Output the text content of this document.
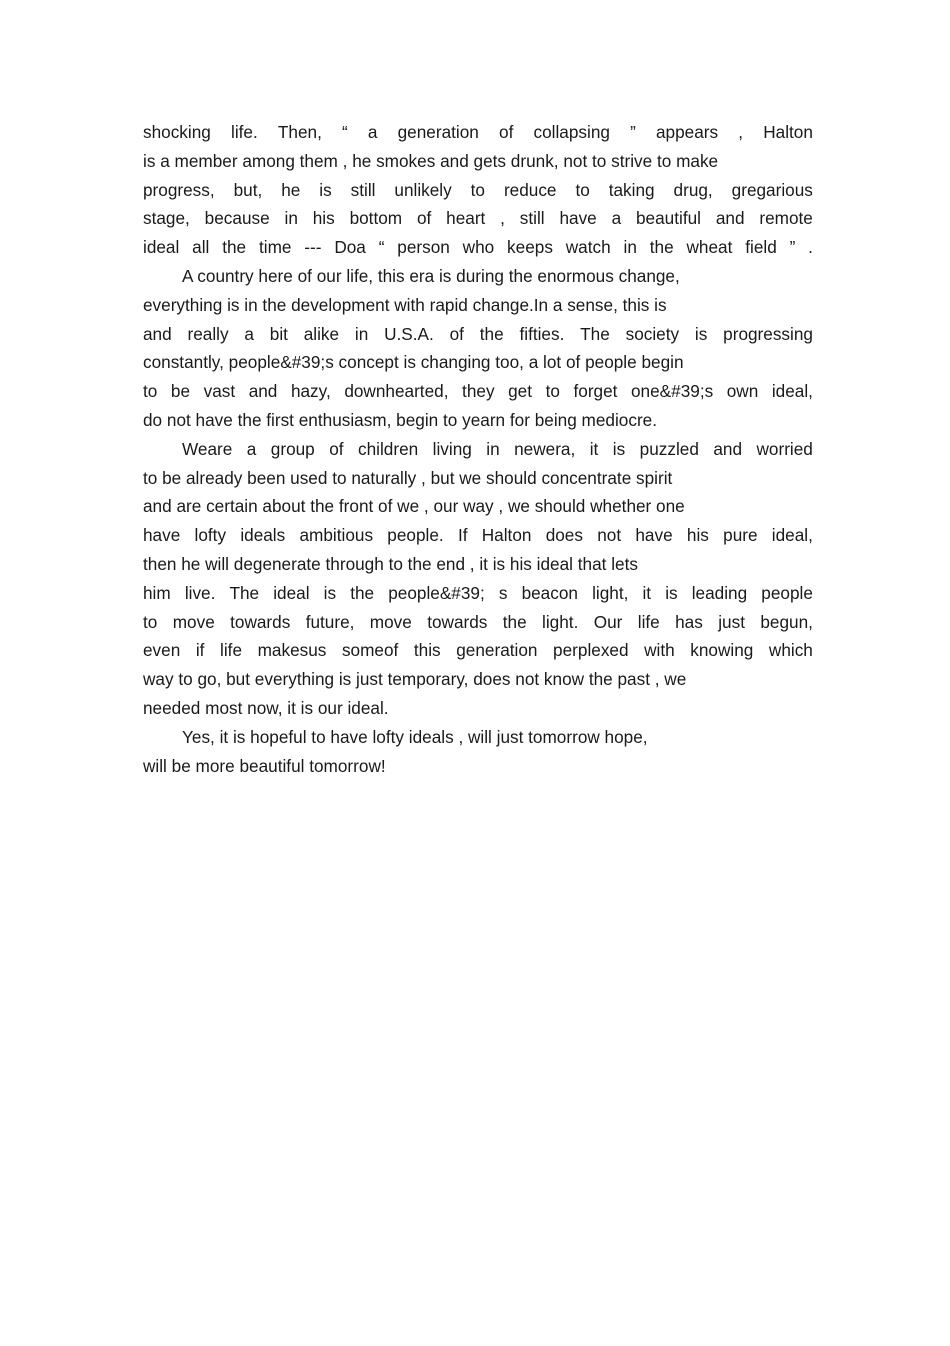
shocking life. Then, “ a generation of collapsing ” appears , Halton
is a member among them , he smokes and gets drunk, not to strive to make
progress, but, he is still unlikely to reduce to taking drug, gregarious
stage, because in his bottom of heart , still have a beautiful and remote
ideal all the time --- Doa “ person who keeps watch in the wheat field ” .
A country here of our life, this era is during the enormous change,
everything is in the development with rapid change.In a sense, this is
and really a bit alike in U.S.A. of the fifties. The society is progressing
constantly, people&#39;s concept is changing too, a lot of people begin
to be vast and hazy, downhearted, they get to forget one&#39;s own ideal,
do not have the first enthusiasm, begin to yearn for being mediocre.
Weare a group of children living in newera, it is puzzled and worried
to be already been used to naturally , but we should concentrate spirit
and are certain about the front of we , our way , we should whether one
have lofty ideals ambitious people. If Halton does not have his pure ideal,
then he will degenerate through to the end , it is his ideal that lets
him live. The ideal is the people&#39; s beacon light, it is leading people
to move towards future, move towards the light. Our life has just begun,
even if life makesus someof this generation perplexed with knowing which
way to go, but everything is just temporary, does not know the past , we
needed most now, it is our ideal.
Yes, it is hopeful to have lofty ideals , will just tomorrow hope,
will be more beautiful tomorrow!
